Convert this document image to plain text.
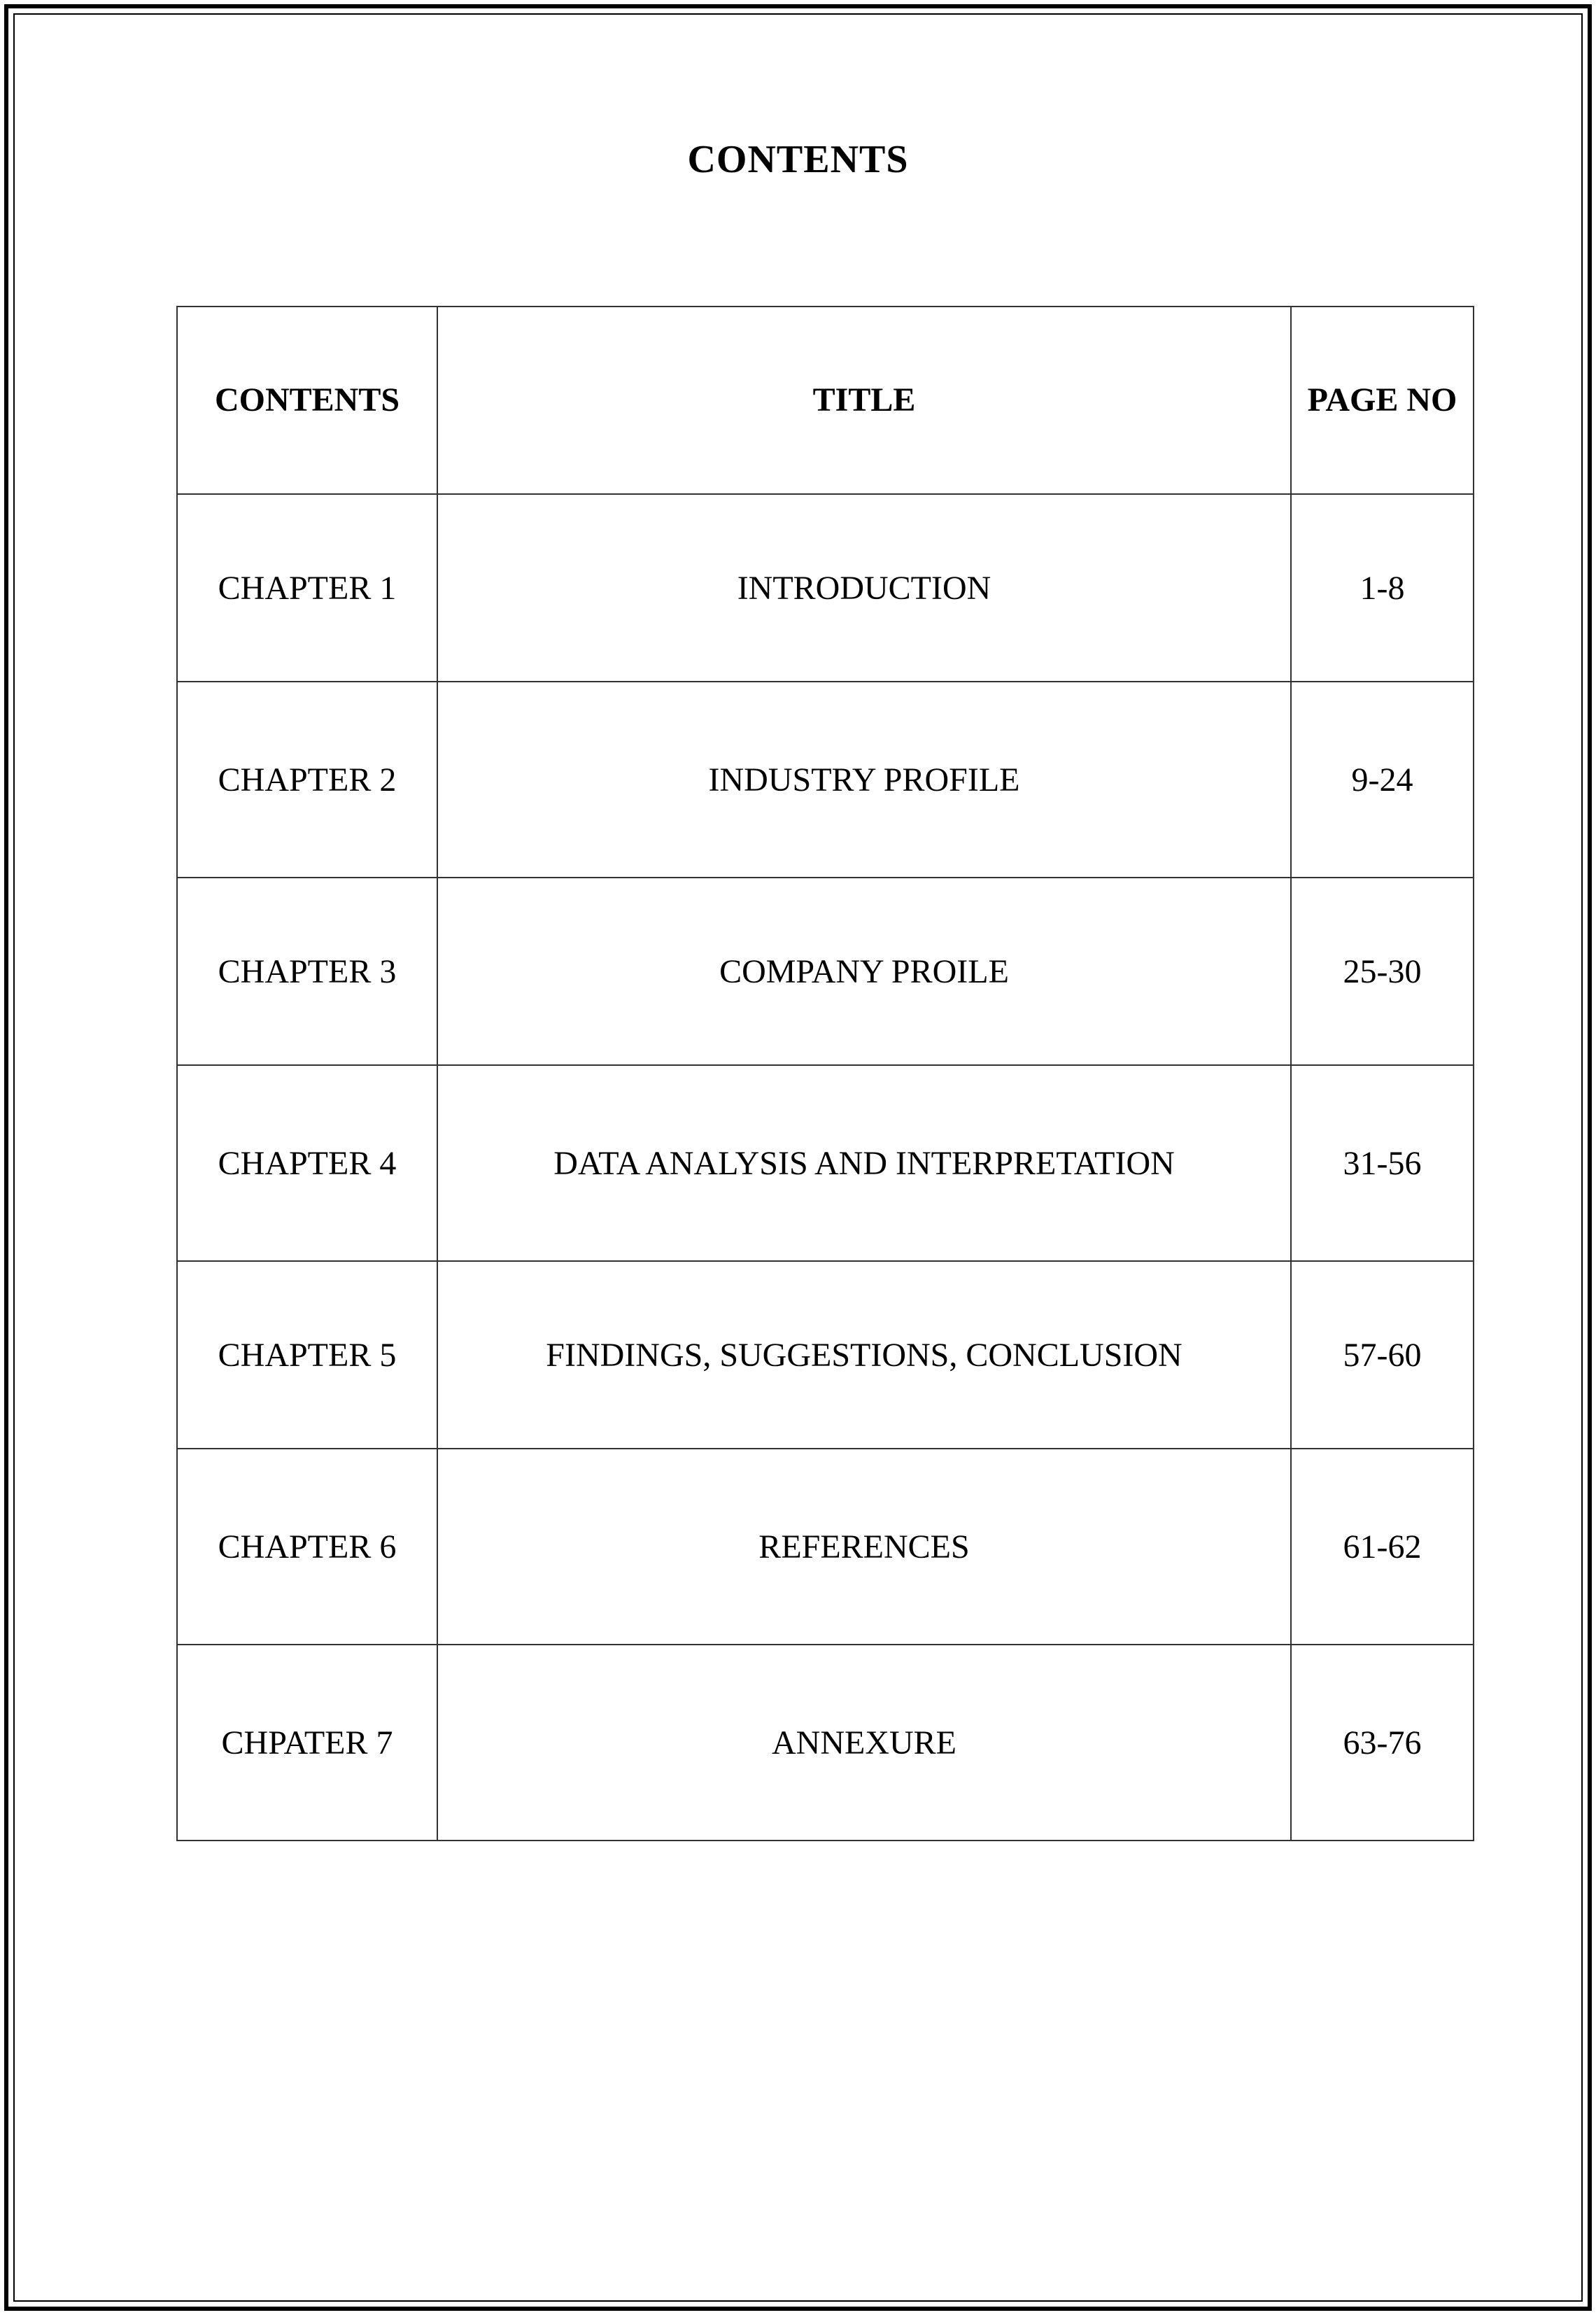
CONTENTS
CONTENTS	TITLE	PAGE NO
CHAPTER 1	INTRODUCTION	1-8
CHAPTER 2	INDUSTRY PROFILE	9-24
CHAPTER 3	COMPANY PROILE	25-30
CHAPTER 4	DATA ANALYSIS AND INTERPRETATION	31-56
CHAPTER 5	FINDINGS, SUGGESTIONS, CONCLUSION	57-60
CHAPTER 6	REFERENCES	61-62
CHPATER 7	ANNEXURE	63-76
